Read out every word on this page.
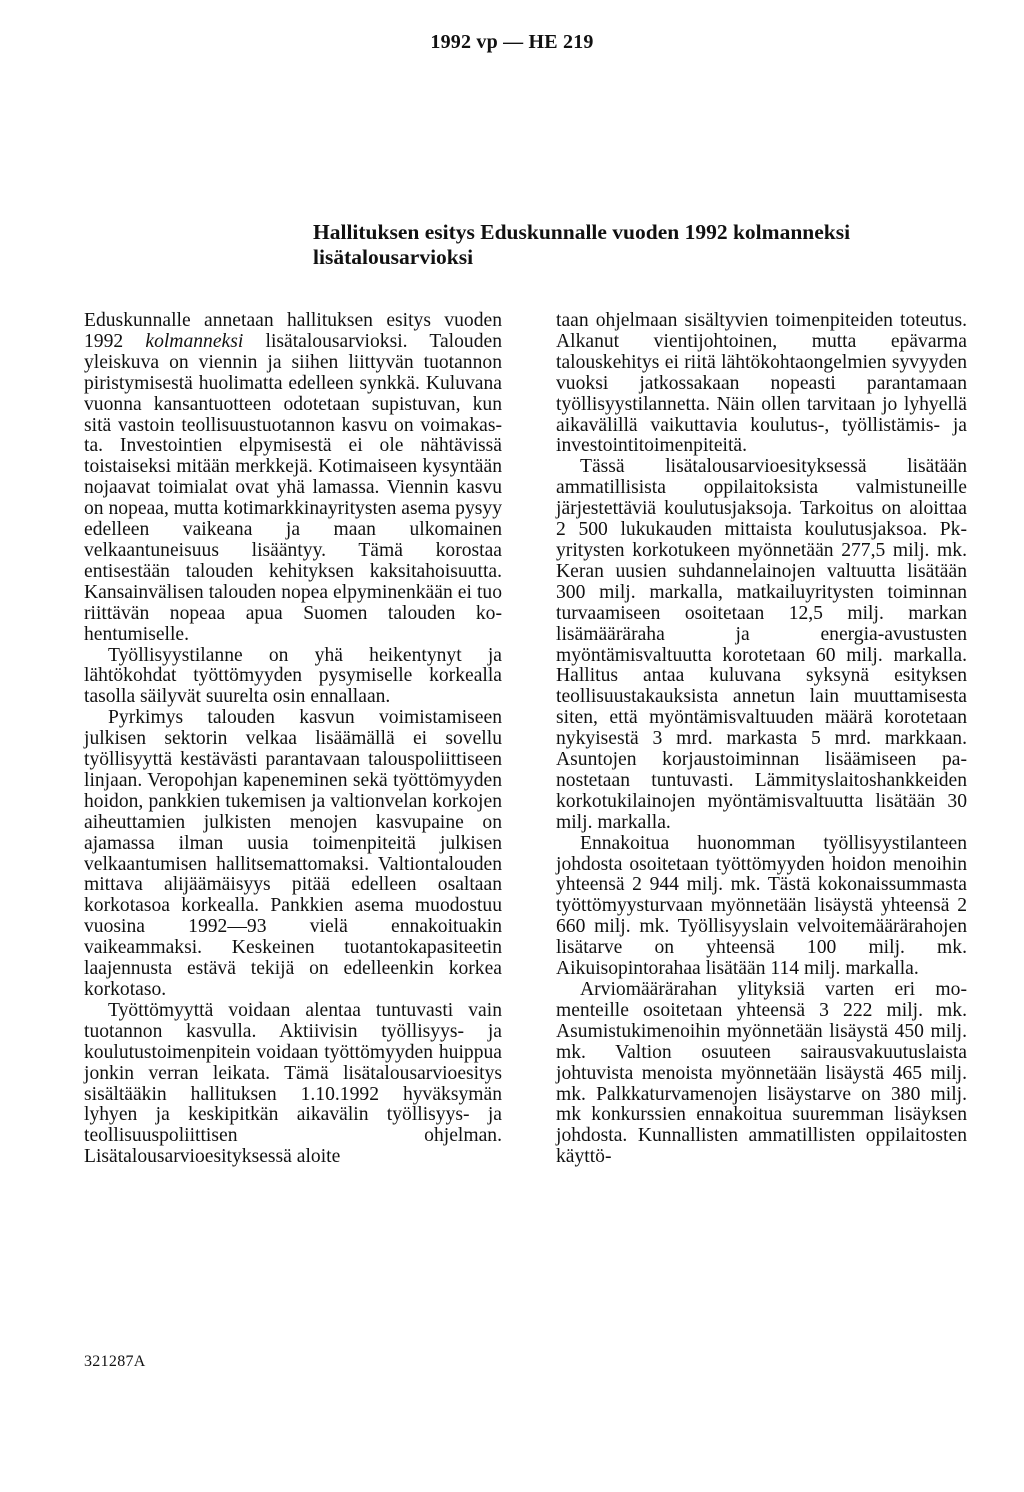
1992 vp — HE 219
Hallituksen esitys Eduskunnalle vuoden 1992 kolmanneksi lisätalousarvioksi

Eduskunnalle annetaan hallituksen esitys vuoden 1992 kolmanneksi lisätalousarvioksi. Talouden yleiskuva on viennin ja siihen liittyvän tuotannon piristymisestä huolimatta edelleen synkkä. Kuluvana vuonna kansantuotteen odotetaan supistuvan, kun sitä vastoin teollisuustuotannon kasvu on voimakasta. Investointien elpymisestä ei ole nähtävissä toistaiseksi mitään merkkejä. Kotimaiseen kysyntään nojaavat toimialat ovat yhä lamassa. Viennin kasvu on nopeaa, mutta kotimarkkinayritysten asema pysyy edelleen vaikeana ja maan ulkomainen velkaantuneisuus lisääntyy. Tämä korostaa entisestään talouden kehityksen kaksitahoisuutta. Kansainvälisen talouden nopea elpyminenkään ei tuo riittävän nopeaa apua Suomen talouden kohentumiselle.

Työllisyystilanne on yhä heikentynyt ja lähtökohdat työttömyyden pysymiselle korkealla tasolla säilyvät suurelta osin ennallaan.

Pyrkimys talouden kasvun voimistamiseen julkisen sektorin velkaa lisäämällä ei sovellu työllisyyttä kestävästi parantavaan talouspoliittiseen linjaan. Veropohjan kapeneminen sekä työttömyyden hoidon, pankkien tukemisen ja valtionvelan korkojen aiheuttamien julkisten menojen kasvupaine on ajamassa ilman uusia toimenpiteitä julkisen velkaantumisen hallitsemattomaksi. Valtiontalouden mittava alijäämäisyys pitää edelleen osaltaan korkotasoa korkealla. Pankkien asema muodostuu vuosina 1992—93 vielä ennakoituakin vaikeammaksi. Keskeinen tuotantokapasiteetin laajennusta estävä tekijä on edelleenkin korkea korkotaso.

Työttömyyttä voidaan alentaa tuntuvasti vain tuotannon kasvulla. Aktiivisin työllisyys- ja koulutustoimenpitein voidaan työttömyyden huippua jonkin verran leikata. Tämä lisätalousarvioesitys sisältääkin hallituksen 1.10.1992 hyväksymän lyhyen ja keskipitkän aikavälin työllisyys- ja teollisuuspoliittisen ohjelman. Lisätalousarvioesityksessä aloite

taan ohjelmaan sisältyvien toimenpiteiden toteutus. Alkanut vientijohtoinen, mutta epävarma talouskehitys ei riitä lähtökohtaongelmien syvyyden vuoksi jatkossakaan nopeasti parantamaan työllisyystilannetta. Näin ollen tarvitaan jo lyhyellä aikavälillä vaikuttavia koulutus-, työllistämis- ja investointitoimenpiteitä.

Tässä lisätalousarvioesityksessä lisätään ammatillisista oppilaitoksista valmistuneille järjestettäviä koulutusjaksoja. Tarkoitus on aloittaa 2 500 lukukauden mittaista koulutusjaksoa. Pk-yritysten korkotukeen myönnetään 277,5 milj. mk. Keran uusien suhdannelainojen valtuutta lisätään 300 milj. markalla, matkailuyritysten toiminnan turvaamiseen osoitetaan 12,5 milj. markan lisämääräraha ja energia-avustusten myöntämisvaltuutta korotetaan 60 milj. markalla. Hallitus antaa kuluvana syksynä esityksen teollisuustakauksista annetun lain muuttamisesta siten, että myöntämisvaltuuden määrä korotetaan nykyisestä 3 mrd. markasta 5 mrd. markkaan. Asuntojen korjaustoiminnan lisäämiseen panostetaan tuntuvasti. Lämmityslaitoshankkeiden korkotukilainojen myöntämisvaltuutta lisätään 30 milj. markalla.

Ennakoitua huonomman työllisyystilanteen johdosta osoitetaan työttömyyden hoidon menoihin yhteensä 2 944 milj. mk. Tästä kokonaissummasta työttömyysturvaan myönnetään lisäystä yhteensä 2 660 milj. mk. Työllisyyslain velvoitemäärärahojen lisätarve on yhteensä 100 milj. mk. Aikuisopintorahaa lisätään 114 milj. markalla.

Arviomäärärahan ylityksiä varten eri momenteille osoitetaan yhteensä 3 222 milj. mk. Asumistukimenoihin myönnetään lisäystä 450 milj. mk. Valtion osuuteen sairausvakuutuslaista johtuvista menoista myönnetään lisäystä 465 milj. mk. Palkkaturvamenojen lisäystarve on 380 milj. mk konkurssien ennakoitua suuremman lisäyksen johdosta. Kunnallisten ammatillisten oppilaitosten käyttö-

321287A
